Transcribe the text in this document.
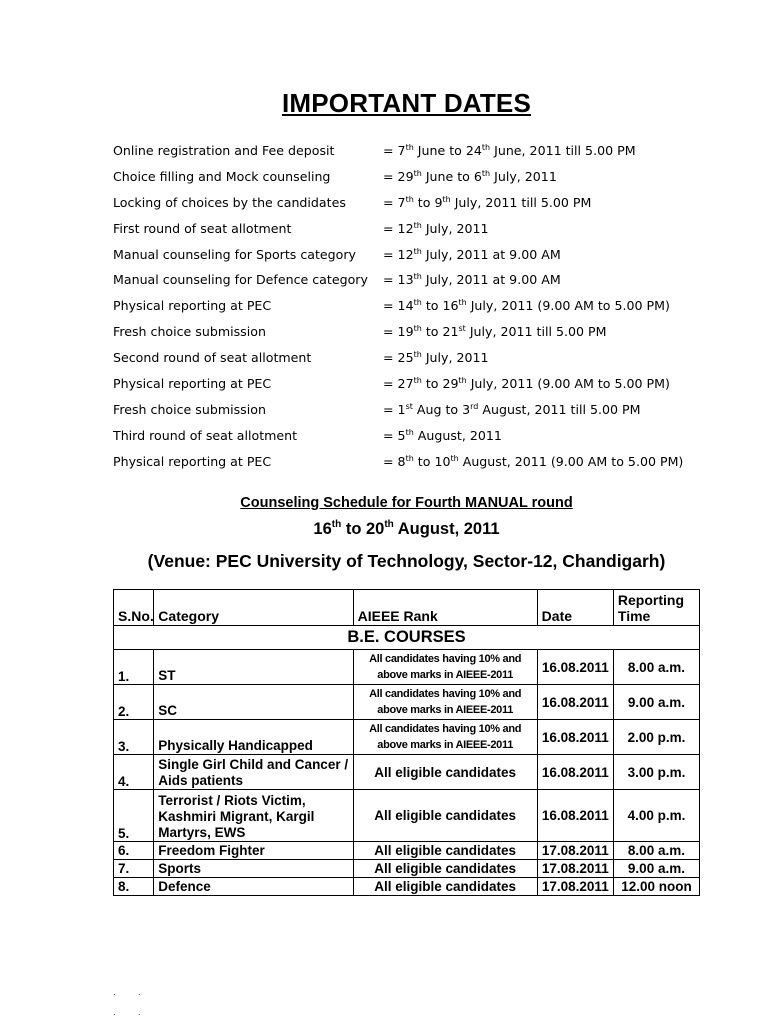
IMPORTANT DATES
Online registration and Fee deposit	= 7th June to 24th June, 2011 till 5.00 PM
Choice filling and Mock counseling	= 29th June to 6th July, 2011
Locking of choices by the candidates	= 7th to 9th July, 2011 till 5.00 PM
First round of seat allotment	= 12th July, 2011
Manual counseling for Sports category = 12th July, 2011 at 9.00 AM
Manual counseling for Defence category = 13th July, 2011 at 9.00 AM
Physical reporting at PEC	= 14th to 16th July, 2011 (9.00 AM to 5.00 PM)
Fresh choice submission	= 19th to 21st July, 2011 till 5.00 PM
Second round of seat allotment	= 25th July, 2011
Physical reporting at PEC	= 27th to 29th July, 2011 (9.00 AM to 5.00 PM)
Fresh choice submission	= 1st Aug to 3rd August, 2011 till 5.00 PM
Third round of seat allotment	= 5th August, 2011
Physical reporting at PEC	= 8th to 10th August, 2011 (9.00 AM to 5.00 PM)
Counseling Schedule for Fourth MANUAL round
16th to 20th August, 2011
(Venue: PEC University of Technology, Sector-12, Chandigarh)
S.No.	Category	AIEEE Rank	Date	Reporting Time
B.E. COURSES				
1.	ST	All candidates having 10% and above marks in AIEEE-2011	16.08.2011	8.00 a.m.
2.	SC	All candidates having 10% and above marks in AIEEE-2011	16.08.2011	9.00 a.m.
3.	Physically Handicapped	All candidates having 10% and above marks in AIEEE-2011	16.08.2011	2.00 p.m.
4.	Single Girl Child and Cancer / Aids patients	All eligible candidates	16.08.2011	3.00 p.m.
5.	Terrorist / Riots Victim, Kashmiri Migrant, Kargil Martyrs, EWS	All eligible candidates	16.08.2011	4.00 p.m.
6.	Freedom Fighter	All eligible candidates	17.08.2011	8.00 a.m.
7.	Sports	All eligible candidates	17.08.2011	9.00 a.m.
8.	Defence	All eligible candidates	17.08.2011	12.00 noon
·          ·
·          ·
